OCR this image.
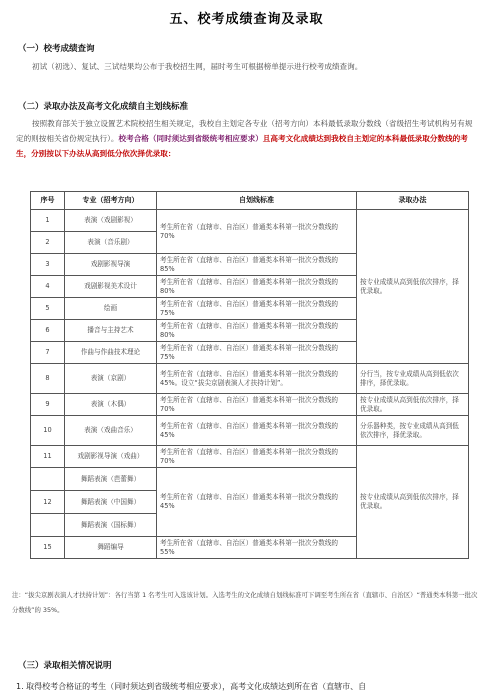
五、校考成绩查询及录取
（一）校考成绩查询
初试（初选）、复试、三试结果均公布于我校招生网，届时考生可根据榜单提示进行校考成绩查询。
（二）录取办法及高考文化成绩自主划线标准
按照教育部关于独立设置艺术院校招生相关规定，我校自主划定各专业（招考方向）本科最低录取分数线（省级招生考试机构另有规定的则按相关省份规定执行）。校考合格（同时须达到省级统考相应要求）且高考文化成绩达到我校自主划定的本科最低录取分数线的考生，分别按以下办法从高到低分依次择优录取：
序号	专业（招考方向）	自划线标准	录取办法
1	表演（戏剧影视）	考生所在省（直辖市、自治区）普通类本科第一批次分数线的 70%	按专业成绩从高到低依次排序，择优录取。
2	表演（音乐剧）		
3	戏剧影视导演	考生所在省（直辖市、自治区）普通类本科第一批次分数线的 85%	
4	戏剧影视美术设计	考生所在省（直辖市、自治区）普通类本科第一批次分数线的 80%	
5	绘画	考生所在省（直辖市、自治区）普通类本科第一批次分数线的 75%	
6	播音与主持艺术	考生所在省（直辖市、自治区）普通类本科第一批次分数线的 80%	
7	作曲与作曲技术理论	考生所在省（直辖市、自治区）普通类本科第一批次分数线的 75%	
8	表演（京剧）	考生所在省（直辖市、自治区）普通类本科第一批次分数线的 45%。设立“拔尖京剧表演人才扶持计划”。	分行当，按专业成绩从高到低依次排序，择优录取。
9	表演（木偶）	考生所在省（直辖市、自治区）普通类本科第一批次分数线的 70%	按专业成绩从高到低依次排序，择优录取。
10	表演（戏曲音乐）	考生所在省（直辖市、自治区）普通类本科第一批次分数线的 45%	分乐器种类，按专业成绩从高到低依次排序，择优录取。
11	戏剧影视导演（戏曲）	考生所在省（直辖市、自治区）普通类本科第一批次分数线的 70%	按专业成绩从高到低依次排序，择优录取。
	舞蹈表演（芭蕾舞）	考生所在省（直辖市、自治区）普通类本科第一批次分数线的 45%	
12	舞蹈表演（中国舞）		
	舞蹈表演（国标舞）		
15	舞蹈编导	考生所在省（直辖市、自治区）普通类本科第一批次分数线的 55%	
注：“拔尖京剧表演人才扶持计划”：各行当第 1 名考生可入选该计划。入选考生的文化成绩自划线标准可下调至考生所在省（直辖市、自治区）“普通类本科第一批次分数线”的 35%。
（三）录取相关情况说明
1. 取得校考合格证的考生（同时须达到省级统考相应要求），高考文化成绩达到所在省（直辖市、自
